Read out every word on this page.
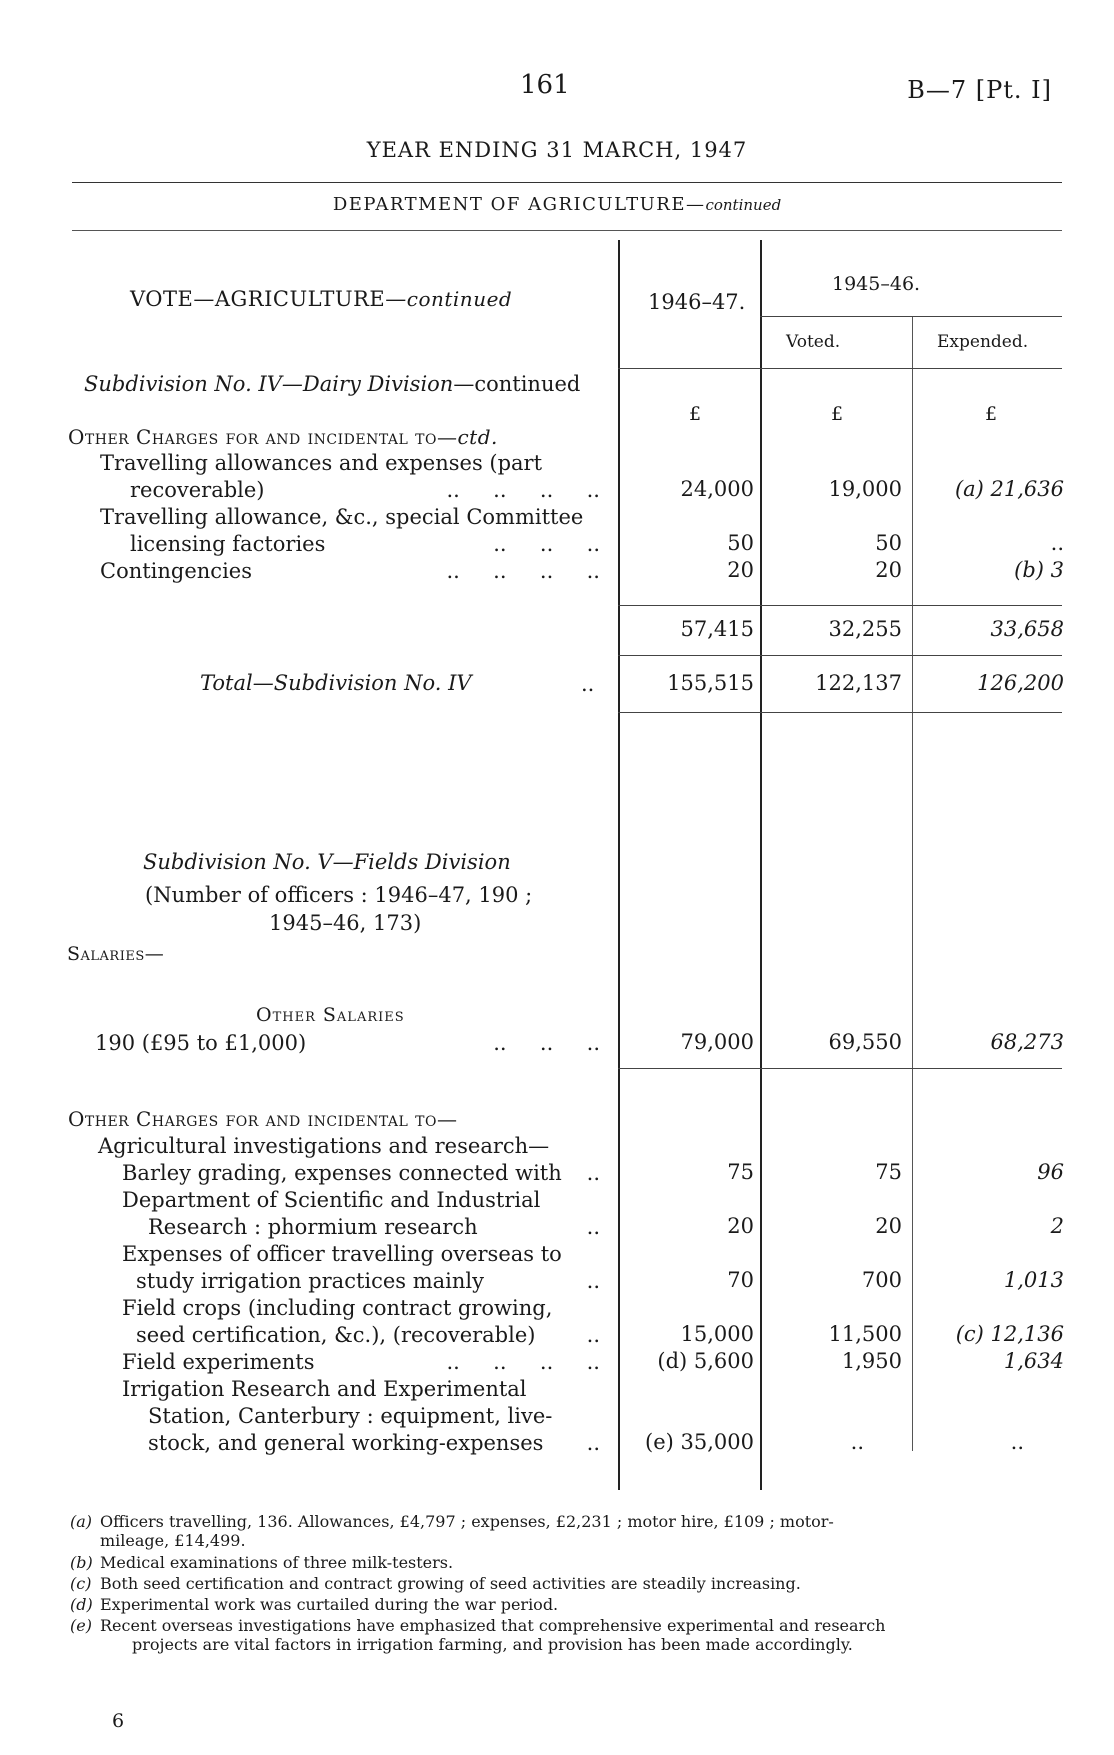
161	B—7 [Pt. I]
YEAR ENDING 31 MARCH, 1947
DEPARTMENT OF AGRICULTURE—continued
VOTE—AGRICULTURE—continued	1946–47.
1945–46.
Voted.	Expended.
Subdivision No. IV—Dairy Division—continued
£	£	£
Other Charges for and incidental to—ctd.
Travelling allowances and expenses (part
recoverable)	..     ..     ..     ..	24,000	19,000	(a) 21,636
Travelling allowance, &c., special Committee
licensing factories	..     ..     ..	50	50	..
Contingencies	..     ..     ..     ..	20	20	(b) 3
57,415	32,255	33,658
Total—Subdivision No. IV	..	155,515	122,137	126,200
Subdivision No. V—Fields Division
(Number of officers : 1946–47, 190 ;
1945–46, 173)
Salaries—
Other Salaries
190 (£95 to £1,000)	..     ..     ..	79,000	69,550	68,273
Other Charges for and incidental to—
Agricultural investigations and research—
Barley grading, expenses connected with ..	75	75	96
Department of Scientific and Industrial
Research : phormium research	..	20	20	2
Expenses of officer travelling overseas to
study irrigation practices mainly	..	70	700	1,013
Field crops (including contract growing,
seed certification, &c.), (recoverable) ..	15,000	11,500	(c) 12,136
Field experiments	..     ..     ..     ..	(d) 5,600	1,950	1,634
Irrigation Research and Experimental
Station, Canterbury : equipment, live-
stock, and general working-expenses .. (e) 35,000	..	..
(a) Officers travelling, 136. Allowances, £4,797 ; expenses, £2,231 ; motor hire, £109 ; motor-
mileage, £14,499.
(b) Medical examinations of three milk-testers.
(c) Both seed certification and contract growing of seed activities are steadily increasing.
(d) Experimental work was curtailed during the war period.
(e) Recent overseas investigations have emphasized that comprehensive experimental and research
projects are vital factors in irrigation farming, and provision has been made accordingly.
6
